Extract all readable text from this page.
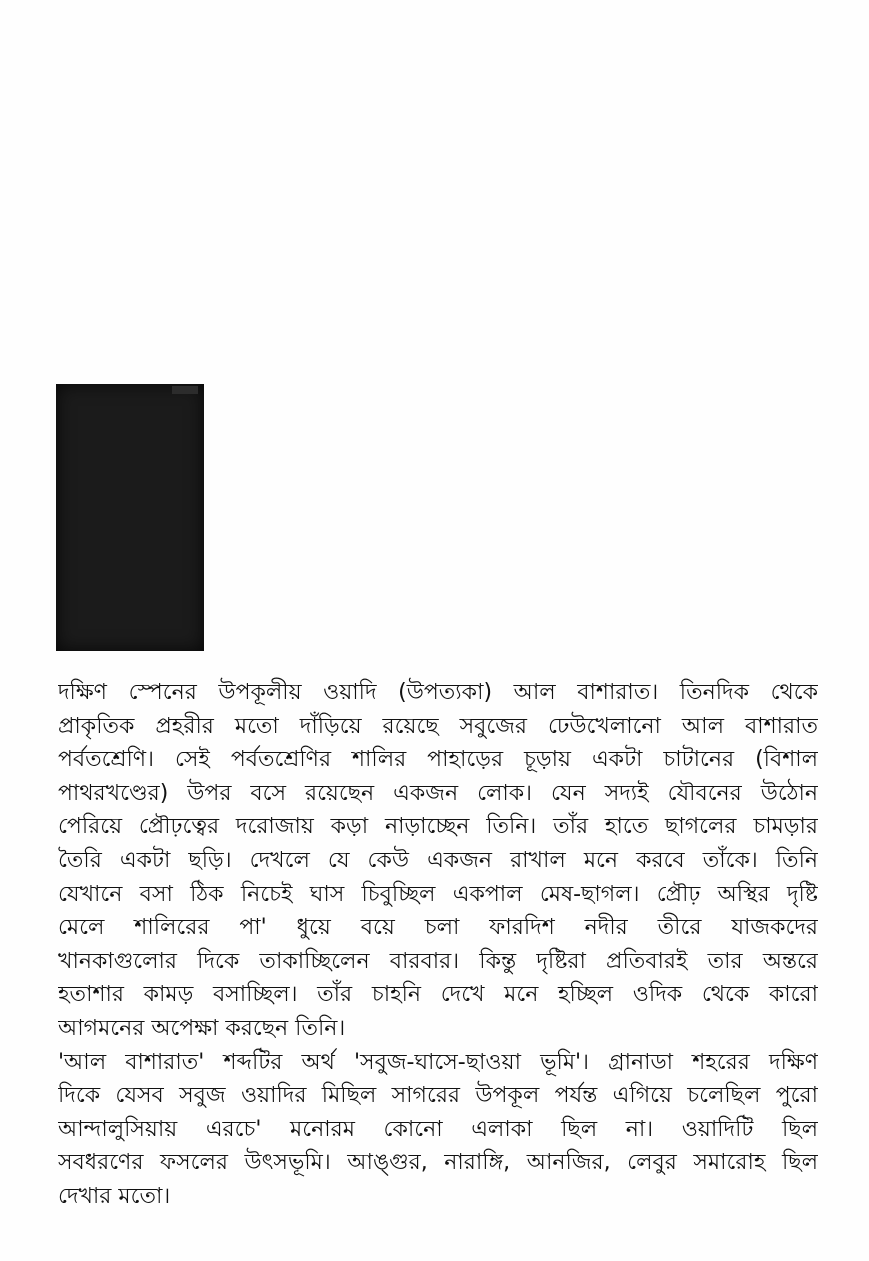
দক্ষিণ স্পেনের উপকূলীয় ওয়াদি (উপত্যকা) আল বাশারাত। তিনদিক থেকে
প্রাকৃতিক প্রহরীর মতো দাঁড়িয়ে রয়েছে সবুজের ঢেউখেলানো আল বাশারাত
পর্বতশ্রেণি। সেই পর্বতশ্রেণির শালির পাহাড়ের চূড়ায় একটা চাটানের (বিশাল
পাথরখণ্ডের) উপর বসে রয়েছেন একজন লোক। যেন সদ্যই যৌবনের উঠোন
পেরিয়ে প্রৌঢ়ত্বের দরোজায় কড়া নাড়াচ্ছেন তিনি। তাঁর হাতে ছাগলের চামড়ার
তৈরি একটা ছড়ি। দেখলে যে কেউ একজন রাখাল মনে করবে তাঁকে। তিনি
যেখানে বসা ঠিক নিচেই ঘাস চিবুচ্ছিল একপাল মেষ-ছাগল। প্রৌঢ় অস্থির দৃষ্টি
মেলে শালিরের পা' ধুয়ে বয়ে চলা ফারদিশ নদীর তীরে যাজকদের
খানকাগুলোর দিকে তাকাচ্ছিলেন বারবার। কিন্তু দৃষ্টিরা প্রতিবারই তার অন্তরে
হতাশার কামড় বসাচ্ছিল। তাঁর চাহনি দেখে মনে হচ্ছিল ওদিক থেকে কারো
আগমনের অপেক্ষা করছেন তিনি।
'আল বাশারাত' শব্দটির অর্থ 'সবুজ-ঘাসে-ছাওয়া ভূমি'। গ্রানাডা শহরের দক্ষিণ
দিকে যেসব সবুজ ওয়াদির মিছিল সাগরের উপকূল পর্যন্ত এগিয়ে চলেছিল পুরো
আন্দালুসিয়ায় এরচে' মনোরম কোনো এলাকা ছিল না। ওয়াদিটি ছিল
সবধরণের ফসলের উৎসভূমি। আঙ্গুর, নারাঙ্গি, আনজির, লেবুর সমারোহ ছিল
দেখার মতো।
